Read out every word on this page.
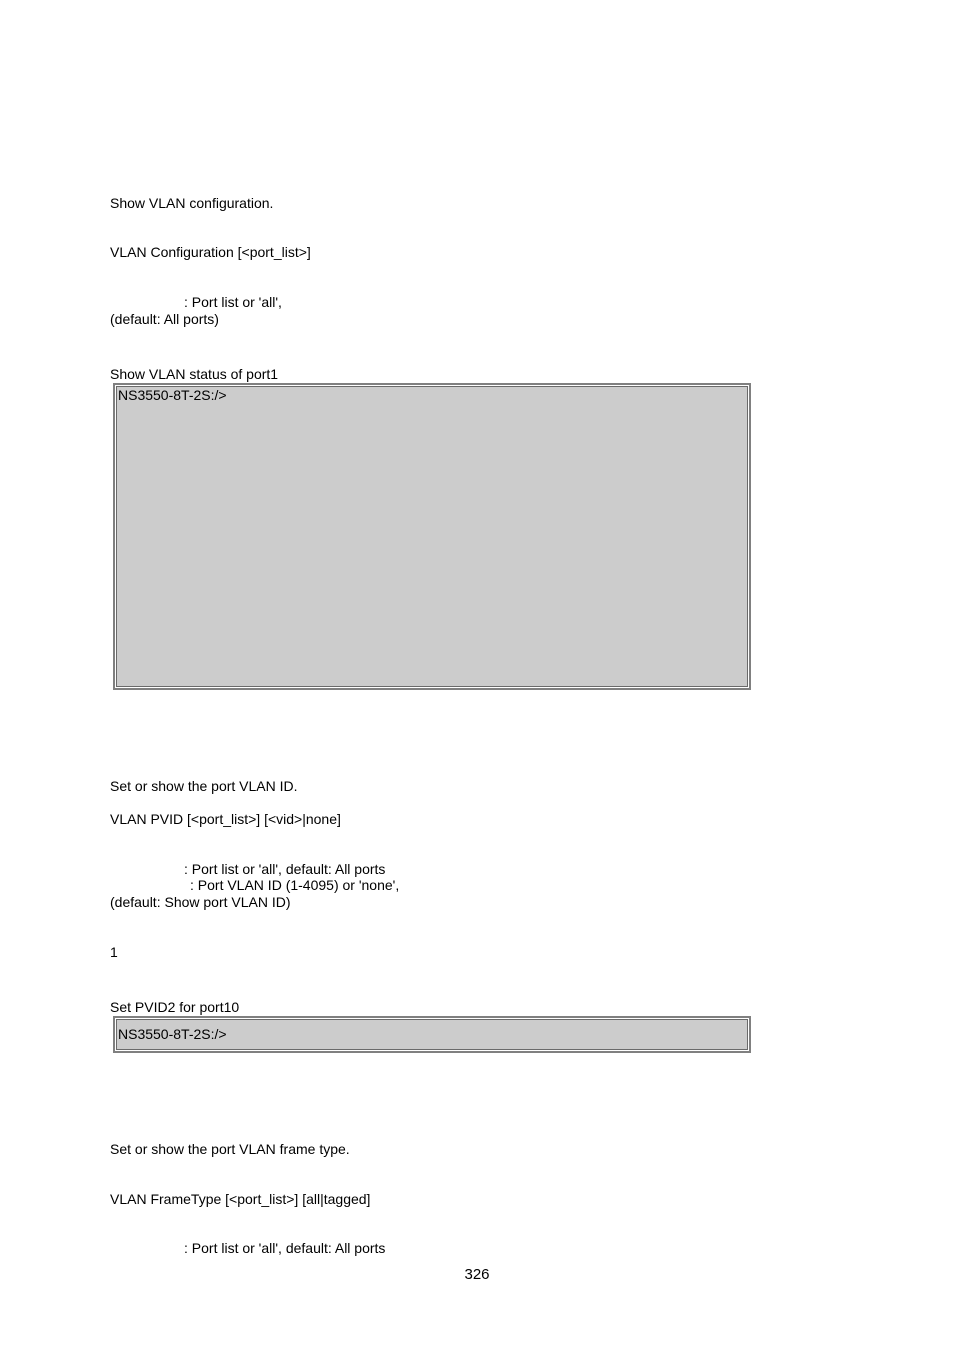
Show VLAN configuration.
VLAN Configuration [<port_list>]
: Port list or 'all',
(default: All ports)
Show VLAN status of port1
NS3550-8T-2S:/>
Set or show the port VLAN ID.
VLAN PVID [<port_list>] [<vid>|none]
: Port list or 'all', default: All ports
: Port VLAN ID (1-4095) or 'none',
(default: Show port VLAN ID)
1
Set PVID2 for port10
NS3550-8T-2S:/>
Set or show the port VLAN frame type.
VLAN FrameType [<port_list>] [all|tagged]
: Port list or 'all', default: All ports
326
